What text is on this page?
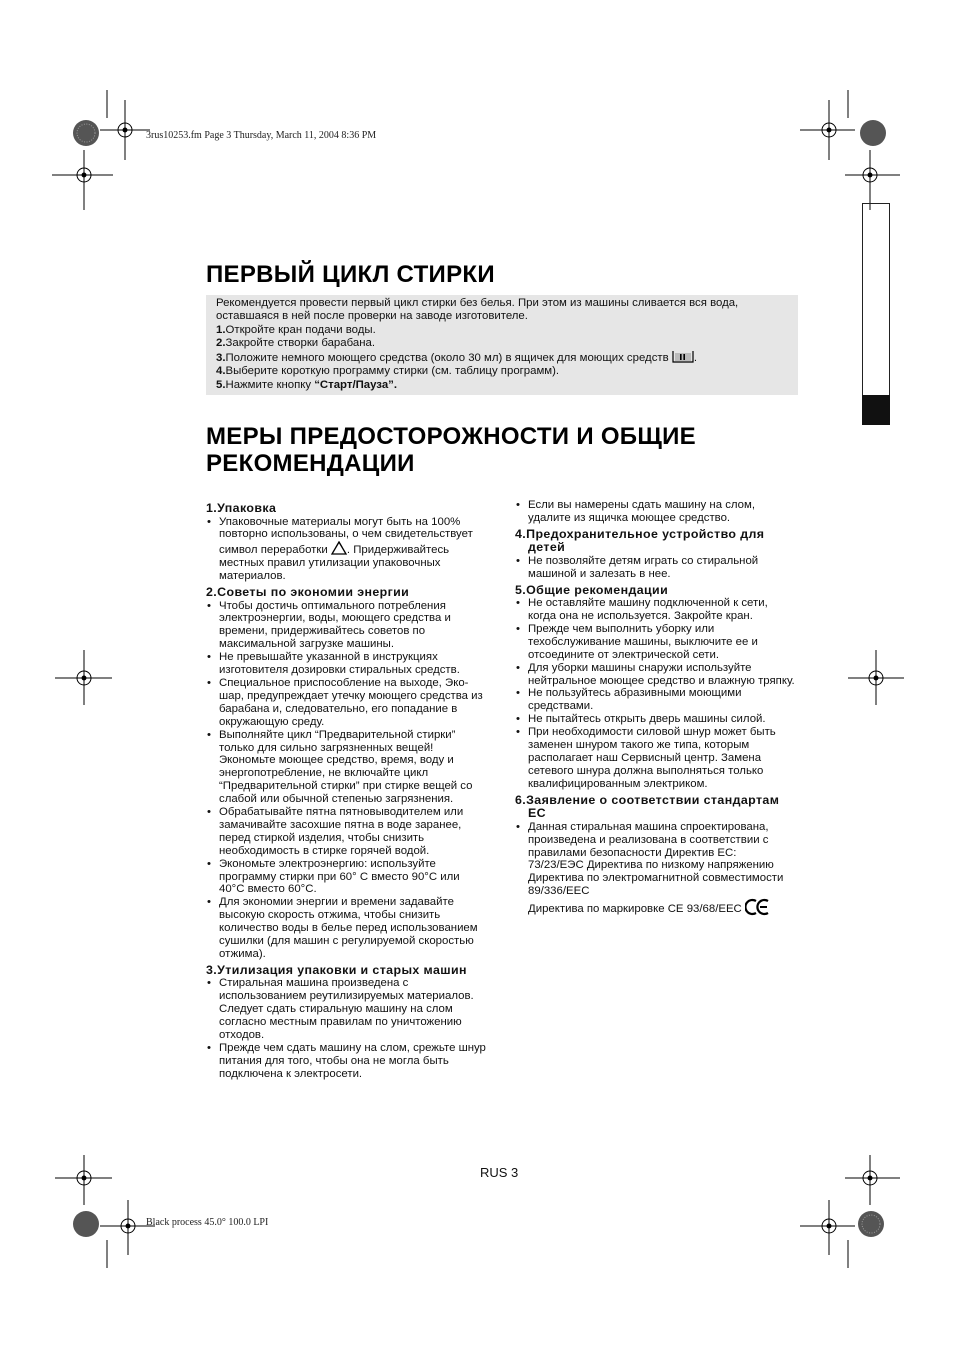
3rus10253.fm Page 3 Thursday, March 11, 2004 8:36 PM
Black process 45.0° 100.0 LPI
ПЕРВЫЙ ЦИКЛ СТИРКИ

Рекомендуется провести первый цикл стирки без белья. При этом из машины сливается вся вода, оставшаяся в ней после проверки на заводе изготовителе.

1.Откройте кран подачи воды.

2.Закройте створки барабана.

3.Положите немного моющего средства (около 30 мл) в ящичек для моющих средств .

4.Выберите короткую программу стирки (см. таблицу программ).

5.Нажмите кнопку “Старт/Пауза”.

МЕРЫ ПРЕДОСТОРОЖНОСТИ И ОБЩИЕ
РЕКОМЕНДАЦИИ
1.Упаковка
• Упаковочные материалы могут быть на 100% повторно использованы, о чем свидетельствует символ переработки . Придерживайтесь местных правил утилизации упаковочных материалов.
2.Советы по экономии энергии
• Чтобы достичь оптимального потребления электроэнергии, воды, моющего средства и времени, придерживайтесь советов по максимальной загрузке машины.
• Не превышайте указанной в инструкциях изготовителя дозировки стиральных средств.
• Специальное приспособление на выходе, Эко-шар, предупреждает утечку моющего средства из барабана и, следовательно, его попадание в окружающую среду.
• Выполняйте цикл “Предварительной стирки” только для сильно загрязненных вещей! Экономьте моющее средство, время, воду и энергопотребление, не включайте цикл “Предварительной стирки” при стирке вещей со слабой или обычной степенью загрязнения.
• Обрабатывайте пятна пятновыводителем или замачивайте засохшие пятна в воде заранее, перед стиркой изделия, чтобы снизить необходимость в стирке горячей водой.
• Экономьте электроэнергию: используйте программу стирки при 60° C вместо 90°C или 40°C вместо 60°C.
• Для экономии энергии и времени задавайте высокую скорость отжима, чтобы снизить количество воды в белье перед использованием сушилки (для машин с регулируемой скоростью отжима).
3.Утилизация упаковки и старых машин
• Стиральная машина произведена с использованием реутилизируемых материалов. Следует сдать стиральную машину на слом согласно местным правилам по уничтожению отходов.
• Прежде чем сдать машину на слом, срежьте шнур питания для того, чтобы она не могла быть подключена к электросети.
• Если вы намерены сдать машину на слом, удалите из ящичка моющее средство.
4.Предохранительное устройство для детей
• Не позволяйте детям играть со стиральной машиной и залезать в нее.
5.Общие рекомендации
• Не оставляйте машину подключенной к сети, когда она не используется. Закройте кран.
• Прежде чем выполнить уборку или техобслуживание машины, выключите ее и отсоедините от электрической сети.
• Для уборки машины снаружи используйте нейтральное моющее средство и влажную тряпку.
• Не пользуйтесь абразивными моющими средствами.
• Не пытайтесь открыть дверь машины силой.
• При необходимости силовой шнур может быть заменен шнуром такого же типа, которым располагает наш Сервисный центр. Замена сетевого шнура должна выполняться только квалифицированным электриком.
6.Заявление о соответствии стандартам EC
• Данная стиральная машина спроектирована, произведена и реализована в соответствии с правилами безопасности Директив ЕС:
73/23/ЕЭС Директива по низкому напряжению
Директива по электромагнитной совместимости 89/336/EEC
Директива по маркировке CE 93/68/EEC
RUS 3
